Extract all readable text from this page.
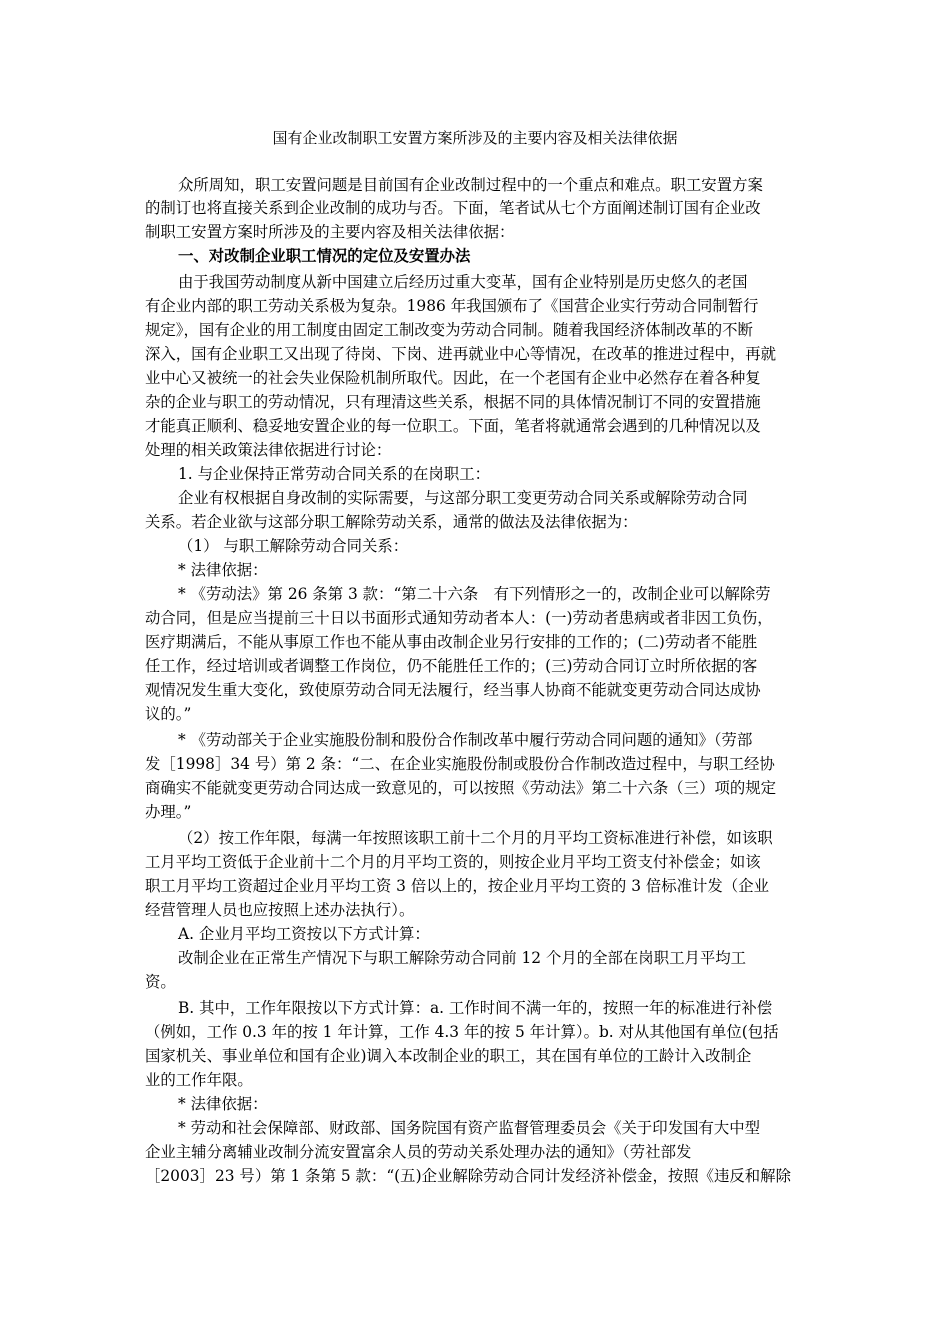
国有企业改制职工安置方案所涉及的主要内容及相关法律依据
众所周知，职工安置问题是目前国有企业改制过程中的一个重点和难点。职工安置方案
的制订也将直接关系到企业改制的成功与否。下面，笔者试从七个方面阐述制订国有企业改
制职工安置方案时所涉及的主要内容及相关法律依据：
一、对改制企业职工情况的定位及安置办法
由于我国劳动制度从新中国建立后经历过重大变革，国有企业特别是历史悠久的老国
有企业内部的职工劳动关系极为复杂。1986 年我国颁布了《国营企业实行劳动合同制暂行
规定》，国有企业的用工制度由固定工制改变为劳动合同制。随着我国经济体制改革的不断
深入，国有企业职工又出现了待岗、下岗、进再就业中心等情况，在改革的推进过程中，再就
业中心又被统一的社会失业保险机制所取代。因此，在一个老国有企业中必然存在着各种复
杂的企业与职工的劳动情况，只有理清这些关系，根据不同的具体情况制订不同的安置措施
才能真正顺利、稳妥地安置企业的每一位职工。下面，笔者将就通常会遇到的几种情况以及
处理的相关政策法律依据进行讨论：
1. 与企业保持正常劳动合同关系的在岗职工：
企业有权根据自身改制的实际需要，与这部分职工变更劳动合同关系或解除劳动合同
关系。若企业欲与这部分职工解除劳动关系，通常的做法及法律依据为：
（1） 与职工解除劳动合同关系：
* 法律依据：
* 《劳动法》第 26 条第 3 款：“第二十六条　有下列情形之一的，改制企业可以解除劳
动合同，但是应当提前三十日以书面形式通知劳动者本人：(一)劳动者患病或者非因工负伤，
医疗期满后，不能从事原工作也不能从事由改制企业另行安排的工作的；(二)劳动者不能胜
任工作，经过培训或者调整工作岗位，仍不能胜任工作的；(三)劳动合同订立时所依据的客
观情况发生重大变化，致使原劳动合同无法履行，经当事人协商不能就变更劳动合同达成协
议的。”
* 《劳动部关于企业实施股份制和股份合作制改革中履行劳动合同问题的通知》（劳部
发［1998］34 号）第 2 条：“二、在企业实施股份制或股份合作制改造过程中，与职工经协
商确实不能就变更劳动合同达成一致意见的，可以按照《劳动法》第二十六条（三）项的规定
办理。”
（2）按工作年限，每满一年按照该职工前十二个月的月平均工资标准进行补偿，如该职
工月平均工资低于企业前十二个月的月平均工资的，则按企业月平均工资支付补偿金；如该
职工月平均工资超过企业月平均工资 3 倍以上的，按企业月平均工资的 3 倍标准计发（企业
经营管理人员也应按照上述办法执行）。
A. 企业月平均工资按以下方式计算：
改制企业在正常生产情况下与职工解除劳动合同前 12 个月的全部在岗职工月平均工
资。
B. 其中，工作年限按以下方式计算：a. 工作时间不满一年的，按照一年的标准进行补偿
（例如，工作 0.3 年的按 1 年计算，工作 4.3 年的按 5 年计算）。b. 对从其他国有单位(包括
国家机关、事业单位和国有企业)调入本改制企业的职工，其在国有单位的工龄计入改制企
业的工作年限。
* 法律依据：
* 劳动和社会保障部、财政部、国务院国有资产监督管理委员会《关于印发国有大中型
企业主辅分离辅业改制分流安置富余人员的劳动关系处理办法的通知》（劳社部发
［2003］23 号）第 1 条第 5 款：“(五)企业解除劳动合同计发经济补偿金，按照《违反和解除
